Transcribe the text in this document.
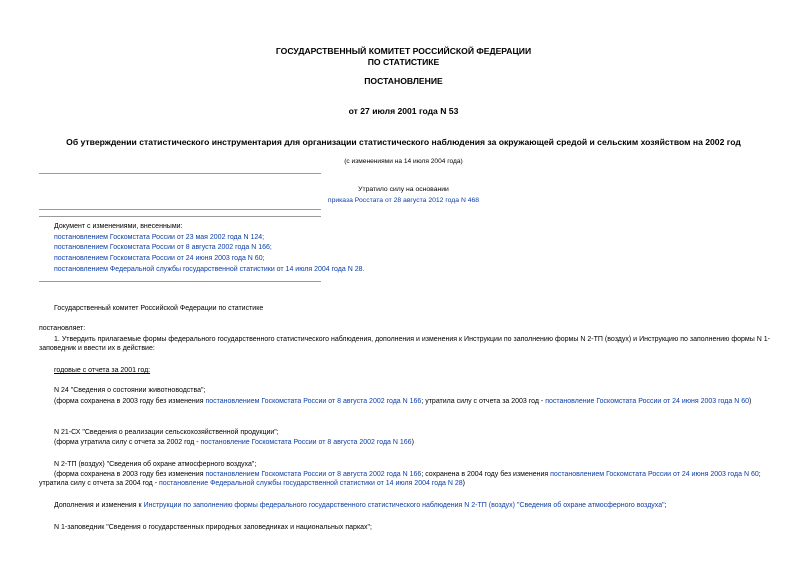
ГОСУДАРСТВЕННЫЙ КОМИТЕТ РОССИЙСКОЙ ФЕДЕРАЦИИ
ПО СТАТИСТИКЕ
ПОСТАНОВЛЕНИЕ
от 27 июля 2001 года N 53
Об утверждении статистического инструментария для организации статистического наблюдения за окружающей средой и сельским хозяйством на 2002 год
(с изменениями на 14 июля 2004 года)
Утратило силу на основании
приказа Росстата от 28 августа 2012 года N 468
Документ с изменениями, внесенными:
постановлением Госкомстата России от 23 мая 2002 года N 124;
постановлением Госкомстата России от 8 августа 2002 года N 166;
постановлением Госкомстата России от 24 июня 2003 года N 60;
постановлением Федеральной службы государственной статистики от 14 июля 2004 года N 28.
Государственный комитет Российской Федерации по статистике
постановляет:
1. Утвердить прилагаемые формы федерального государственного статистического наблюдения, дополнения и изменения к Инструкции по заполнению формы N 2-ТП (воздух) и Инструкцию по заполнению формы N 1-заповедник и ввести их в действие:
годовые с отчета за 2001 год:
N 24 "Сведения о состоянии животноводства";
(форма сохранена в 2003 году без изменения постановлением Госкомстата России от 8 августа 2002 года N 166; утратила силу с отчета за 2003 год - постановление Госкомстата России от 24 июня 2003 года N 60)
N 21-СХ "Сведения о реализации сельскохозяйственной продукции";
(форма утратила силу с отчета за 2002 год - постановление Госкомстата России от 8 августа 2002 года N 166)
N 2-ТП (воздух) "Сведения об охране атмосферного воздуха";
(форма сохранена в 2003 году без изменения постановлением Госкомстата России от 8 августа 2002 года N 166; сохранена в 2004 году без изменения постановлением Госкомстата России от 24 июня 2003 года N 60; утратила силу с отчета за 2004 год - постановление Федеральной службы государственной статистики от 14 июля 2004 года N 28)
Дополнения и изменения к Инструкции по заполнению формы федерального государственного статистического наблюдения N 2-ТП (воздух) "Сведения об охране атмосферного воздуха";
N 1-заповедник "Сведения о государственных природных заповедниках и национальных парках";
